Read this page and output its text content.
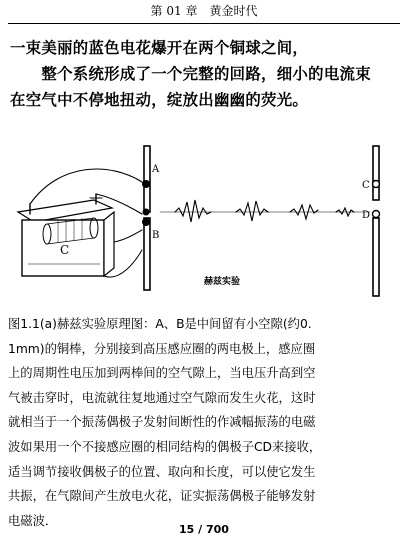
第 01 章　黄金时代

一束美丽的蓝色电花爆开在两个铜球之间，

　　整个系统形成了一个完整的回路，细小的电流束

在空气中不停地扭动，绽放出幽幽的荧光。

A
B
C
C
D
赫兹实验
图1.1(a)赫兹实验原理图：A、B是中间留有小空隙(约0.
1mm)的铜棒，分别接到高压感应圈的两电极上，感应圈
上的周期性电压加到两棒间的空气隙上，当电压升高到空
气被击穿时，电流就往复地通过空气隙而发生火花，这时
就相当于一个振荡偶极子发射间断性的作减幅振荡的电磁
波如果用一个不接感应圈的相同结构的偶极子CD来接收，
适当调节接收偶极子的位置、取向和长度，可以使它发生
共振，在气隙间产生放电火花，证实振荡偶极子能够发射
电磁波．
15 / 700
